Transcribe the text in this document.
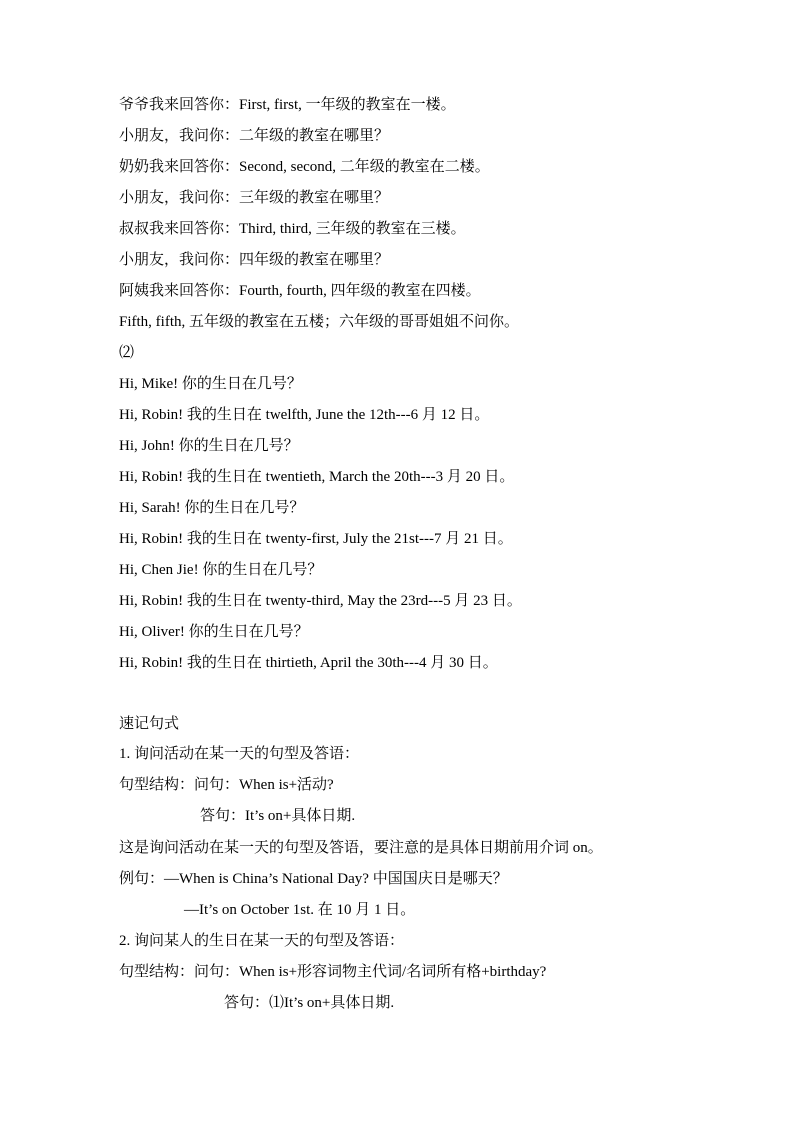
爷爷我来回答你：First, first, 一年级的教室在一楼。
小朋友，我问你：二年级的教室在哪里？
奶奶我来回答你：Second, second, 二年级的教室在二楼。
小朋友，我问你：三年级的教室在哪里？
叔叔我来回答你：Third, third, 三年级的教室在三楼。
小朋友，我问你：四年级的教室在哪里？
阿姨我来回答你：Fourth, fourth, 四年级的教室在四楼。
Fifth, fifth, 五年级的教室在五楼；六年级的哥哥姐姐不问你。
⑵
Hi, Mike! 你的生日在几号？
Hi, Robin! 我的生日在 twelfth, June the 12th---6 月 12 日。
Hi, John! 你的生日在几号？
Hi, Robin! 我的生日在 twentieth, March the 20th---3 月 20 日。
Hi, Sarah! 你的生日在几号？
Hi, Robin! 我的生日在 twenty-first, July the 21st---7 月 21 日。
Hi, Chen Jie! 你的生日在几号？
Hi, Robin! 我的生日在 twenty-third, May the 23rd---5 月 23 日。
Hi, Oliver! 你的生日在几号？
Hi, Robin! 我的生日在 thirtieth, April the 30th---4 月 30 日。
速记句式
1. 询问活动在某一天的句型及答语：
句型结构：问句：When is+活动?
答句：It’s on+具体日期.
这是询问活动在某一天的句型及答语，要注意的是具体日期前用介词 on。
例句：—When is China’s National Day? 中国国庆日是哪天？
—It’s on October 1st. 在 10 月 1 日。
2. 询问某人的生日在某一天的句型及答语：
句型结构：问句：When is+形容词物主代词/名词所有格+birthday?
答句：⑴It’s on+具体日期.
